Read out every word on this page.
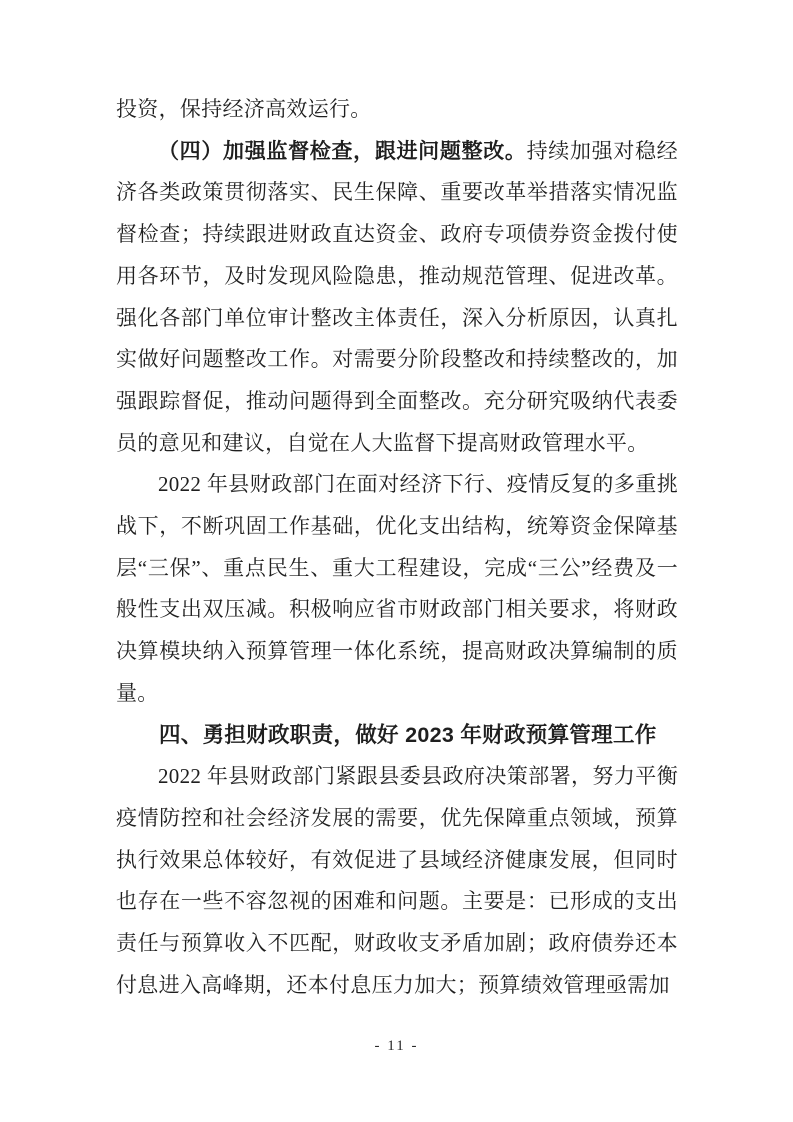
投资，保持经济高效运行。

（四）加强监督检查，跟进问题整改。持续加强对稳经济各类政策贯彻落实、民生保障、重要改革举措落实情况监督检查；持续跟进财政直达资金、政府专项债券资金拨付使用各环节，及时发现风险隐患，推动规范管理、促进改革。强化各部门单位审计整改主体责任，深入分析原因，认真扎实做好问题整改工作。对需要分阶段整改和持续整改的，加强跟踪督促，推动问题得到全面整改。充分研究吸纳代表委员的意见和建议，自觉在人大监督下提高财政管理水平。

2022 年县财政部门在面对经济下行、疫情反复的多重挑战下，不断巩固工作基础，优化支出结构，统筹资金保障基层“三保”、重点民生、重大工程建设，完成“三公”经费及一般性支出双压减。积极响应省市财政部门相关要求，将财政决算模块纳入预算管理一体化系统，提高财政决算编制的质量。

四、勇担财政职责，做好 2023 年财政预算管理工作

2022 年县财政部门紧跟县委县政府决策部署，努力平衡疫情防控和社会经济发展的需要，优先保障重点领域，预算执行效果总体较好，有效促进了县域经济健康发展，但同时也存在一些不容忽视的困难和问题。主要是：已形成的支出责任与预算收入不匹配，财政收支矛盾加剧；政府债券还本付息进入高峰期，还本付息压力加大；预算绩效管理亟需加

- 11 -
